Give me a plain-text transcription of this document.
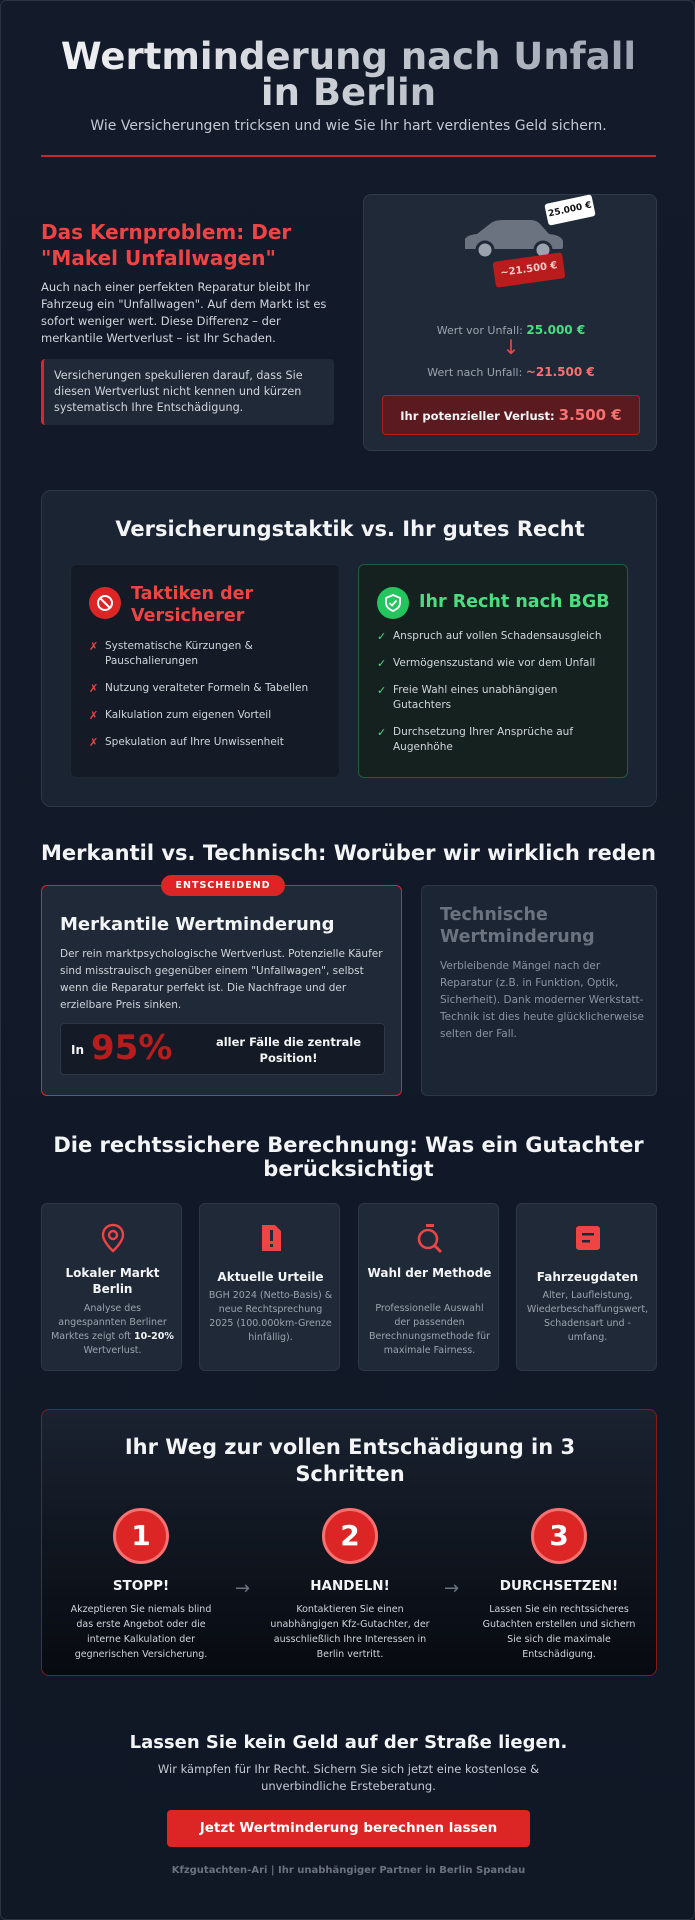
Wertminderung nach Unfall in Berlin

Wie Versicherungen tricksen und wie Sie Ihr hart verdientes Geld sichern.

Das Kernproblem: Der "Makel Unfallwagen"

Auch nach einer perfekten Reparatur bleibt Ihr Fahrzeug ein "Unfallwagen". Auf dem Markt ist es sofort weniger wert. Diese Differenz – der merkantile Wertverlust – ist Ihr Schaden.

Versicherungen spekulieren darauf, dass Sie diesen Wertverlust nicht kennen und kürzen systematisch Ihre Entschädigung.
25.000 €
~21.500 €
Wert vor Unfall: 25.000 €
↓
Wert nach Unfall: ~21.500 €
Ihr potenzieller Verlust: 3.500 €
Versicherungstaktik vs. Ihr gutes Recht
Taktiken der Versicherer
✗ Systematische Kürzungen & Pauschalierungen
✗ Nutzung veralteter Formeln & Tabellen
✗ Kalkulation zum eigenen Vorteil
✗ Spekulation auf Ihre Unwissenheit
Ihr Recht nach BGB
✓ Anspruch auf vollen Schadensausgleich
✓ Vermögenszustand wie vor dem Unfall
✓ Freie Wahl eines unabhängigen Gutachters
✓ Durchsetzung Ihrer Ansprüche auf Augenhöhe
Merkantil vs. Technisch: Worüber wir wirklich reden
ENTSCHEIDEND
Merkantile Wertminderung

Der rein marktpsychologische Wertverlust. Potenzielle Käufer sind misstrauisch gegenüber einem "Unfallwagen", selbst wenn die Reparatur perfekt ist. Die Nachfrage und der erzielbare Preis sinken.

In 95%	aller Fälle die zentrale Position!
Technische Wertminderung

Verbleibende Mängel nach der Reparatur (z.B. in Funktion, Optik, Sicherheit). Dank moderner Werkstatt-Technik ist dies heute glücklicherweise selten der Fall.

Die rechtssichere Berechnung: Was ein Gutachter berücksichtigt
Lokaler Markt Berlin
Analyse des angespannten Berliner Marktes zeigt oft 10-20% Wertverlust.
Aktuelle Urteile
BGH 2024 (Netto-Basis) & neue Rechtsprechung 2025 (100.000km-Grenze hinfällig).
Wahl der Methode
Professionelle Auswahl der passenden Berechnungsmethode für maximale Fairness.
Fahrzeugdaten
Alter, Laufleistung, Wiederbeschaffungswert, Schadensart und -umfang.
Ihr Weg zur vollen Entschädigung in 3 Schritten
1
STOPP!
Akzeptieren Sie niemals blind das erste Angebot oder die interne Kalkulation der gegnerischen Versicherung.
→
2
HANDELN!
Kontaktieren Sie einen unabhängigen Kfz-Gutachter, der ausschließlich Ihre Interessen in Berlin vertritt.
→
3
DURCHSETZEN!
Lassen Sie ein rechtssicheres Gutachten erstellen und sichern Sie sich die maximale Entschädigung.
Lassen Sie kein Geld auf der Straße liegen.

Wir kämpfen für Ihr Recht. Sichern Sie sich jetzt eine kostenlose & unverbindliche Ersteberatung.

Jetzt Wertminderung berechnen lassen
Kfzgutachten-Ari | Ihr unabhängiger Partner in Berlin Spandau
